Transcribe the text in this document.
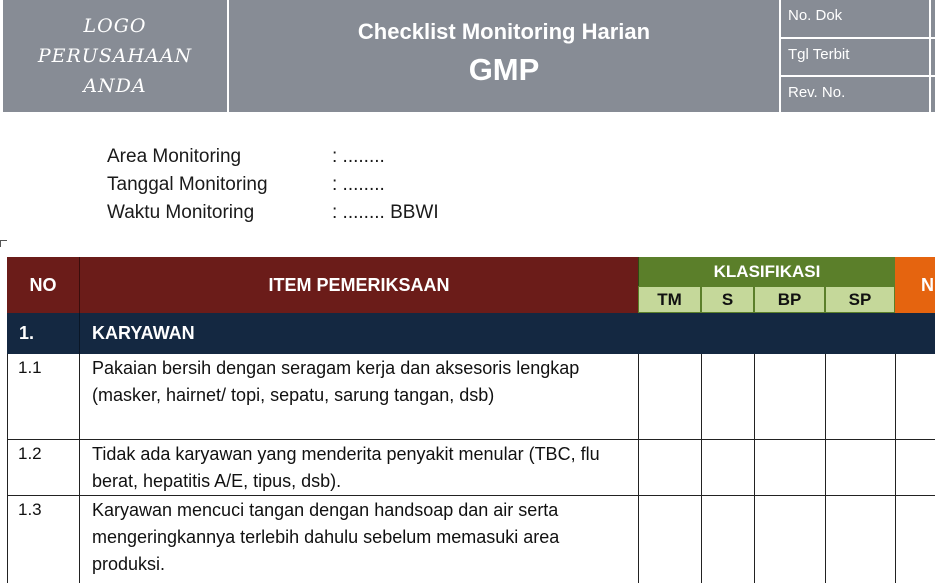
LOGO
PERUSAHAAN
ANDA
Checklist Monitoring Harian
GMP
No. Dok
Tgl Terbit
Rev. No.
Area Monitoring	: ........
Tanggal Monitoring	: ........
Waktu Monitoring	: ........ BBWI
NO	ITEM PEMERIKSAAN
KLASIFIKASI
TM	S	BP	SP
N
1.	KARYAWAN
1.1	Pakaian bersih dengan seragam kerja dan aksesoris lengkap (masker, hairnet/ topi, sepatu, sarung tangan, dsb)
1.2	Tidak ada karyawan yang menderita penyakit menular (TBC, flu berat, hepatitis A/E, tipus, dsb).
1.3	Karyawan mencuci tangan dengan handsoap dan air serta mengeringkannya terlebih dahulu sebelum memasuki area produksi.
